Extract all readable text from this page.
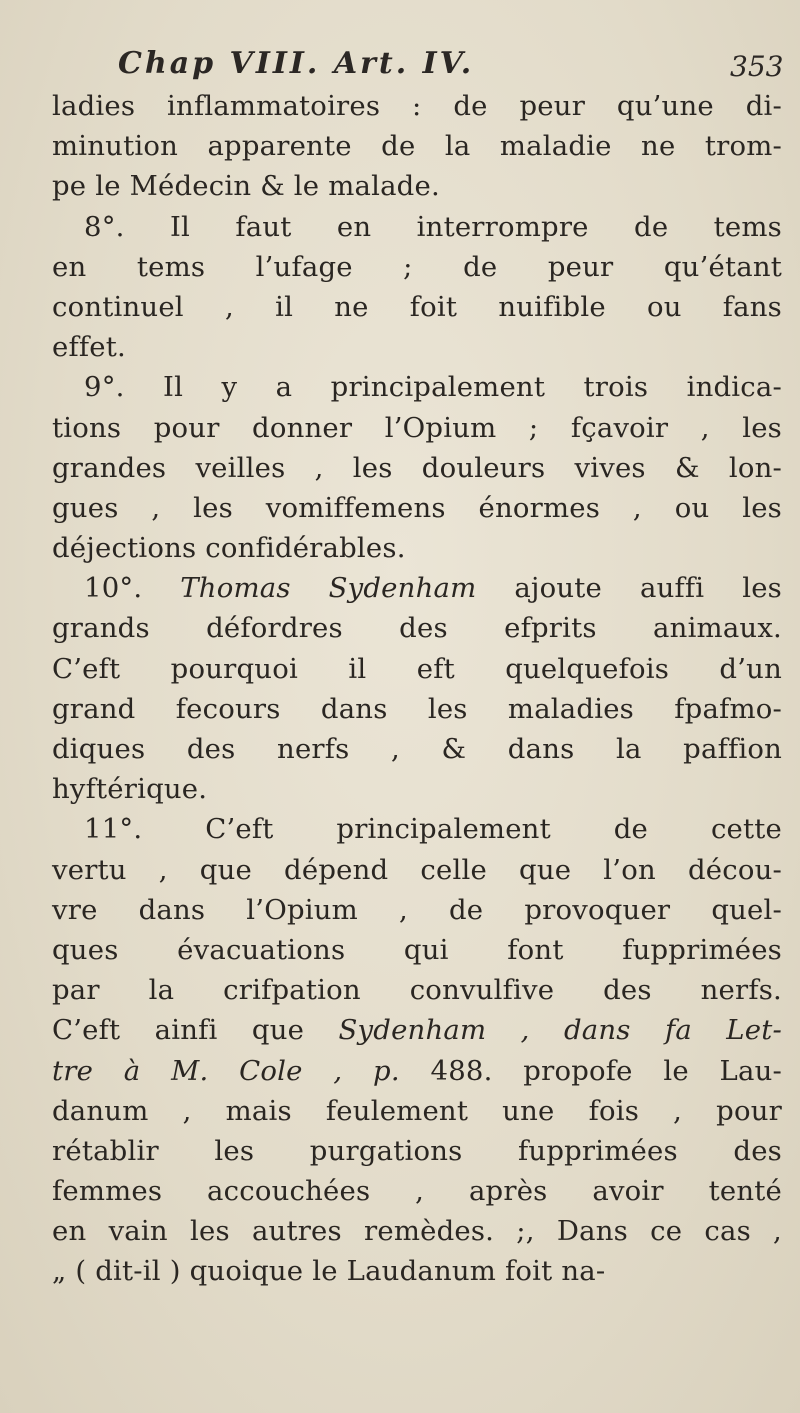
Chap VIII. Art. IV.	353
ladies inflammatoires : de peur qu’une di-
minution apparente de la maladie ne trom-
pe le Médecin & le malade.
8°. Il faut en interrompre de tems
en tems l’ufage ; de peur qu’étant
continuel , il ne foit nuifible ou fans
effet.
9°. Il y a principalement trois indica-
tions pour donner l’Opium ; fçavoir , les
grandes veilles , les douleurs vives & lon-
gues , les vomiffemens énormes , ou les
déjections confidérables.
10°. Thomas Sydenham ajoute auffi les
grands défordres des efprits animaux.
C’eft pourquoi il eft quelquefois d’un
grand fecours dans les maladies fpafmo-
diques des nerfs , & dans la paffion
hyftérique.
11°. C’eft principalement de cette
vertu , que dépend celle que l’on décou-
vre dans l’Opium , de provoquer quel-
ques évacuations qui font fupprimées
par la crifpation convulfive des nerfs.
C’eft ainfi que Sydenham , dans fa Let-
tre à M. Cole , p. 488. propofe le Lau-
danum , mais feulement une fois , pour
rétablir les purgations fupprimées des
femmes accouchées , après avoir tenté
en vain les autres remèdes. ;, Dans ce cas ,
„ ( dit-il ) quoique le Laudanum foit na-
